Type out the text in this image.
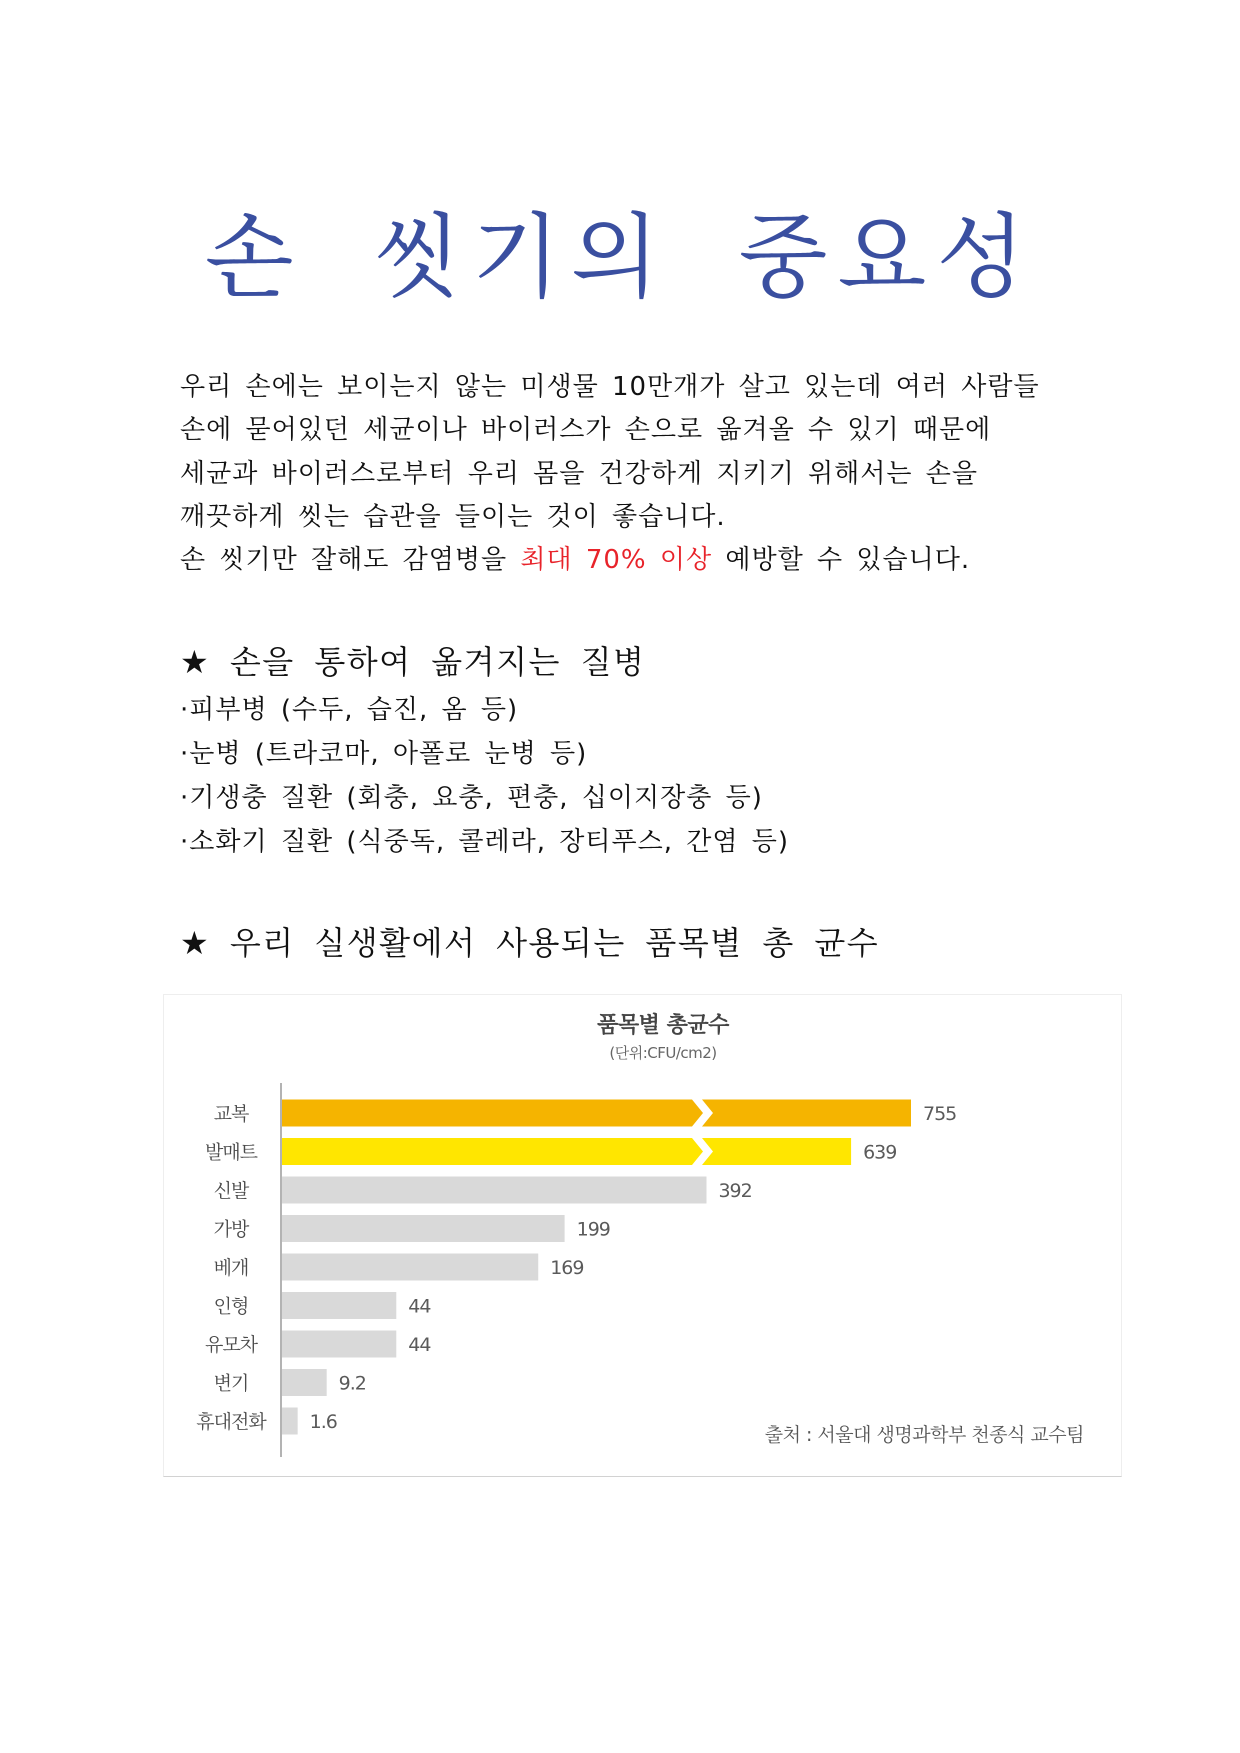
손 씻기의 중요성
우리 손에는 보이는지 않는 미생물 10만개가 살고 있는데 여러 사람들
손에 묻어있던 세균이나 바이러스가 손으로 옮겨올 수 있기 때문에
세균과 바이러스로부터 우리 몸을 건강하게 지키기 위해서는 손을
깨끗하게 씻는 습관을 들이는 것이 좋습니다.
손 씻기만 잘해도 감염병을 최대 70% 이상 예방할 수 있습니다.
★ 손을 통하여 옮겨지는 질병
·피부병 (수두, 습진, 옴 등)
·눈병 (트라코마, 아폴로 눈병 등)
·기생충 질환 (회충, 요충, 편충, 십이지장충 등)
·소화기 질환 (식중독, 콜레라, 장티푸스, 간염 등)
★ 우리 실생활에서 사용되는 품목별 총 균수
품목별 총균수
(단위:CFU/cm2)
교복	755
발매트	639
신발	392
가방	199
베개	169
인형	44
유모차	44
변기	9.2
휴대전화 1.6
출처 : 서울대 생명과학부 천종식 교수팀
